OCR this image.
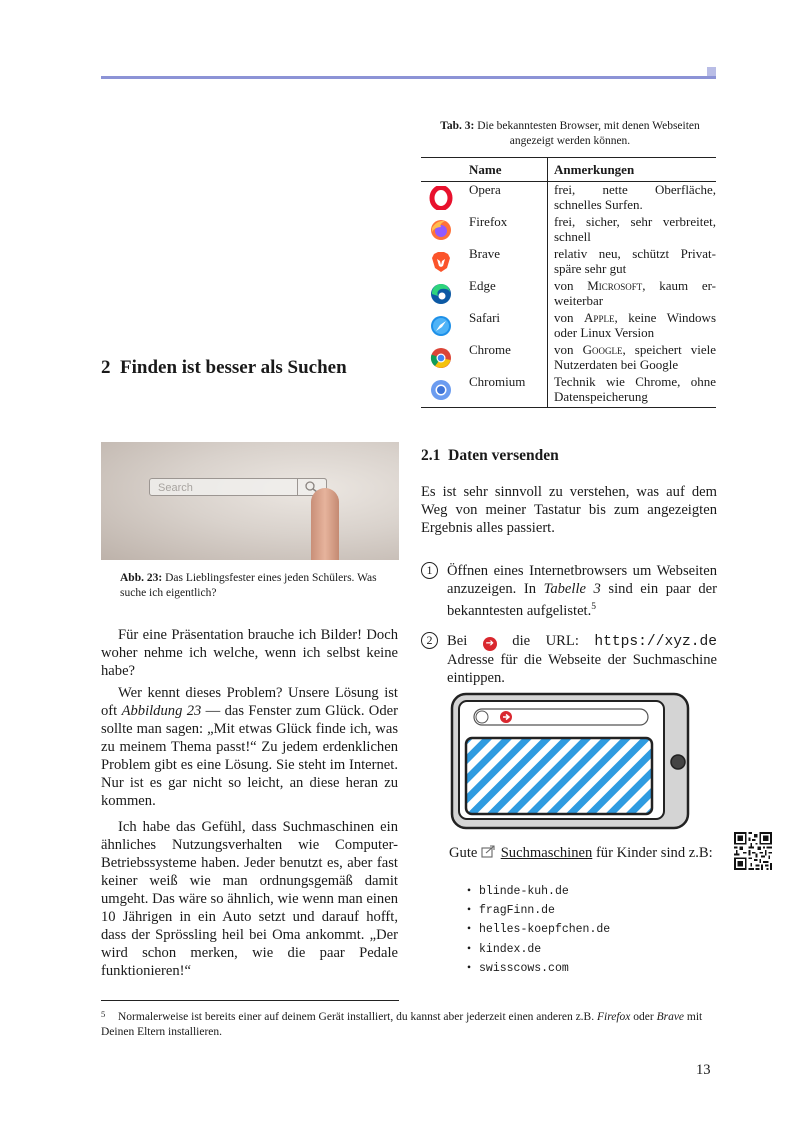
Tab. 3: Die bekanntesten Browser, mit denen Webseiten angezeigt werden können.
	Name	Anmerkungen

	Opera	frei, nette Oberfläche, schnelles Surfen.

	Firefox	frei, sicher, sehr verbreitet, schnell

	Brave	relativ neu, schützt Privat-späre sehr gut

	Edge	von Microsoft, kaum er-weiterbar

	Safari	von Apple, keine Windows oder Linux Version

	Chrome	von Google, speichert viele Nutzerdaten bei Google

	Chromium	Technik wie Chrome, ohne Datenspeicherung
2 Finden ist besser als Suchen
Search
Abb. 23: Das Lieblingsfester eines jeden Schülers. Was suche ich eigentlich?

Für eine Präsentation brauche ich Bilder! Doch woher nehme ich welche, wenn ich selbst keine habe?

Wer kennt dieses Problem? Unsere Lösung ist oft Abbildung 23 — das Fenster zum Glück. Oder sollte man sagen: „Mit etwas Glück finde ich, was zu meinem Thema passt!“ Zu jedem erdenklichen Problem gibt es eine Lösung. Sie steht im Internet. Nur ist es gar nicht so leicht, an diese heran zu kommen.

Ich habe das Gefühl, dass Suchmaschinen ein ähnliches Nutzungsverhalten wie Computer-Betriebssysteme haben. Jeder benutzt es, aber fast keiner weiß wie man ordnungsgemäß damit umgeht. Das wäre so ähnlich, wie wenn man einen 10 Jährigen in ein Auto setzt und darauf hofft, dass der Sprössling heil bei Oma ankommt. „Der wird schon merken, wie die paar Pedale funktionieren!“

2.1 Daten versenden

Es ist sehr sinnvoll zu verstehen, was auf dem Weg von meiner Tastatur bis zum angezeigten Ergebnis alles passiert.

1 Öffnen eines Internetbrowsers um Webseiten anzuzeigen. In Tabelle 3 sind ein paar der bekanntesten aufgelistet.$^5$
2 Bei ➔ die URL: https://xyz.de Adresse für die Webseite der Suchmaschine eintippen.
Gute  Suchmaschinen für Kinder sind z.B:
• blinde-kuh.de
• fragFinn.de
• helles-koepfchen.de
• kindex.de
• swisscows.com
5 Normalerweise ist bereits einer auf deinem Gerät installiert, du kannst aber jederzeit einen anderen z.B. Firefox oder Brave mit Deinen Eltern installieren.
13
